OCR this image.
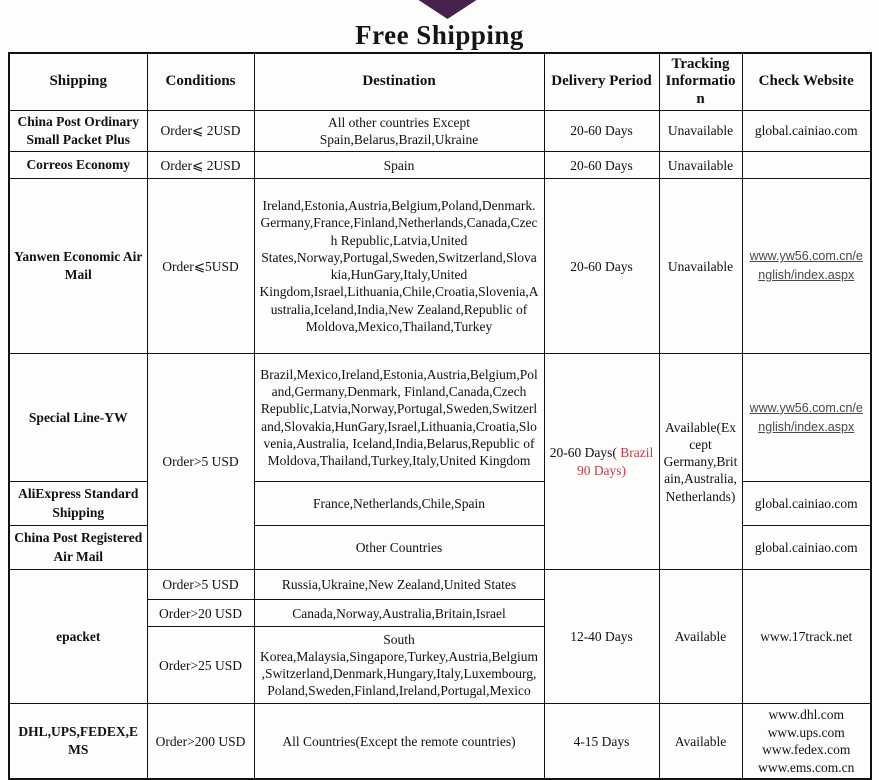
Free Shipping
Shipping	Conditions	Destination	Delivery Period	Tracking Information	Check Website
China Post Ordinary Small Packet Plus	Order⩽ 2USD	All other countries Except Spain,Belarus,Brazil,Ukraine	20-60 Days	Unavailable	global.cainiao.com
Correos Economy	Order⩽ 2USD	Spain	20-60 Days	Unavailable	
Yanwen Economic Air Mail	Order⩽5USD	Ireland,Estonia,Austria,Belgium,Poland,Denmark. Germany,France,Finland,Netherlands,Canada,Czech Republic,Latvia,United States,Norway,Portugal,Sweden,Switzerland,Slovakia,HunGary,Italy,United Kingdom,Israel,Lithuania,Chile,Croatia,Slovenia,Australia,Iceland,India,New Zealand,Republic of Moldova,Mexico,Thailand,Turkey	20-60 Days	Unavailable	www.yw56.com.cn/english/index.aspx
Special Line-YW	Order>5 USD	Brazil,Mexico,Ireland,Estonia,Austria,Belgium,Poland,Germany,Denmark, Finland,Canada,Czech Republic,Latvia,Norway,Portugal,Sweden,Switzerland,Slovakia,HunGary,Israel,Lithuania,Croatia,Slovenia,Australia, Iceland,India,Belarus,Republic of Moldova,Thailand,Turkey,Italy,United Kingdom	20-60 Days( Brazil 90 Days)	Available(Except Germany,Britain,Australia,Netherlands)	www.yw56.com.cn/english/index.aspx
AliExpress Standard Shipping		France,Netherlands,Chile,Spain			global.cainiao.com
China Post Registered Air Mail		Other Countries			global.cainiao.com
epacket	Order>5 USD	Russia,Ukraine,New Zealand,United States	12-40 Days	Available	www.17track.net
	Order>20 USD	Canada,Norway,Australia,Britain,Israel			
	Order>25 USD	South Korea,Malaysia,Singapore,Turkey,Austria,Belgium,Switzerland,Denmark,Hungary,Italy,Luxembourg,Poland,Sweden,Finland,Ireland,Portugal,Mexico			
DHL,UPS,FEDEX,EMS	Order>200 USD	All Countries(Except the remote countries)	4-15 Days	Available	www.dhl.com
www.ups.com
www.fedex.com
www.ems.com.cn
